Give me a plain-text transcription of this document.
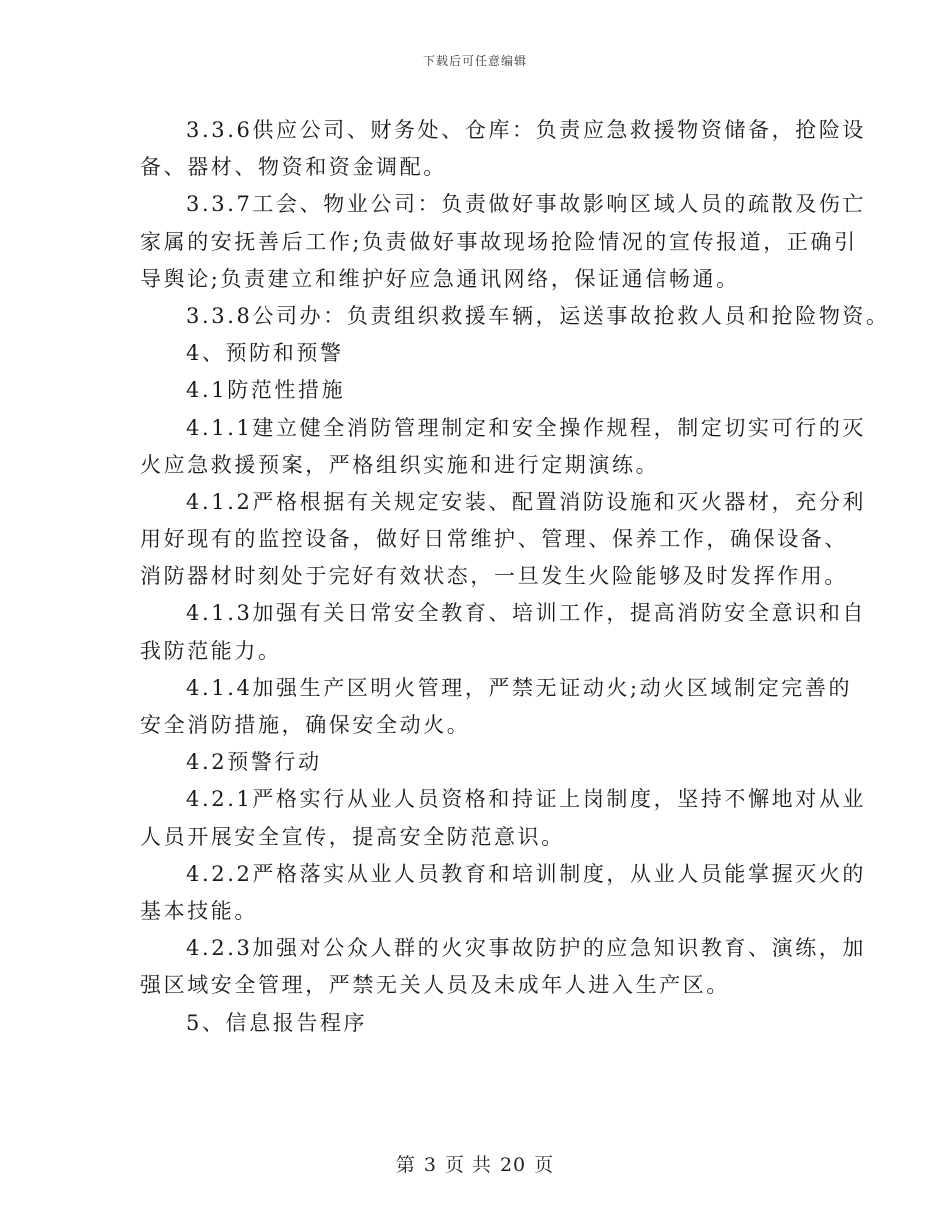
下载后可任意编辑
3.3.6供应公司、财务处、仓库：负责应急救援物资储备，抢险设
备、器材、物资和资金调配。
3.3.7工会、物业公司：负责做好事故影响区域人员的疏散及伤亡
家属的安抚善后工作;负责做好事故现场抢险情况的宣传报道，正确引
导舆论;负责建立和维护好应急通讯网络，保证通信畅通。
3.3.8公司办：负责组织救援车辆，运送事故抢救人员和抢险物资。
4、预防和预警
4.1防范性措施
4.1.1建立健全消防管理制定和安全操作规程，制定切实可行的灭
火应急救援预案，严格组织实施和进行定期演练。
4.1.2严格根据有关规定安装、配置消防设施和灭火器材，充分利
用好现有的监控设备，做好日常维护、管理、保养工作，确保设备、
消防器材时刻处于完好有效状态，一旦发生火险能够及时发挥作用。
4.1.3加强有关日常安全教育、培训工作，提高消防安全意识和自
我防范能力。
4.1.4加强生产区明火管理，严禁无证动火;动火区域制定完善的
安全消防措施，确保安全动火。
4.2预警行动
4.2.1严格实行从业人员资格和持证上岗制度，坚持不懈地对从业
人员开展安全宣传，提高安全防范意识。
4.2.2严格落实从业人员教育和培训制度，从业人员能掌握灭火的
基本技能。
4.2.3加强对公众人群的火灾事故防护的应急知识教育、演练，加
强区域安全管理，严禁无关人员及未成年人进入生产区。
5、信息报告程序
第 3 页 共 20 页
